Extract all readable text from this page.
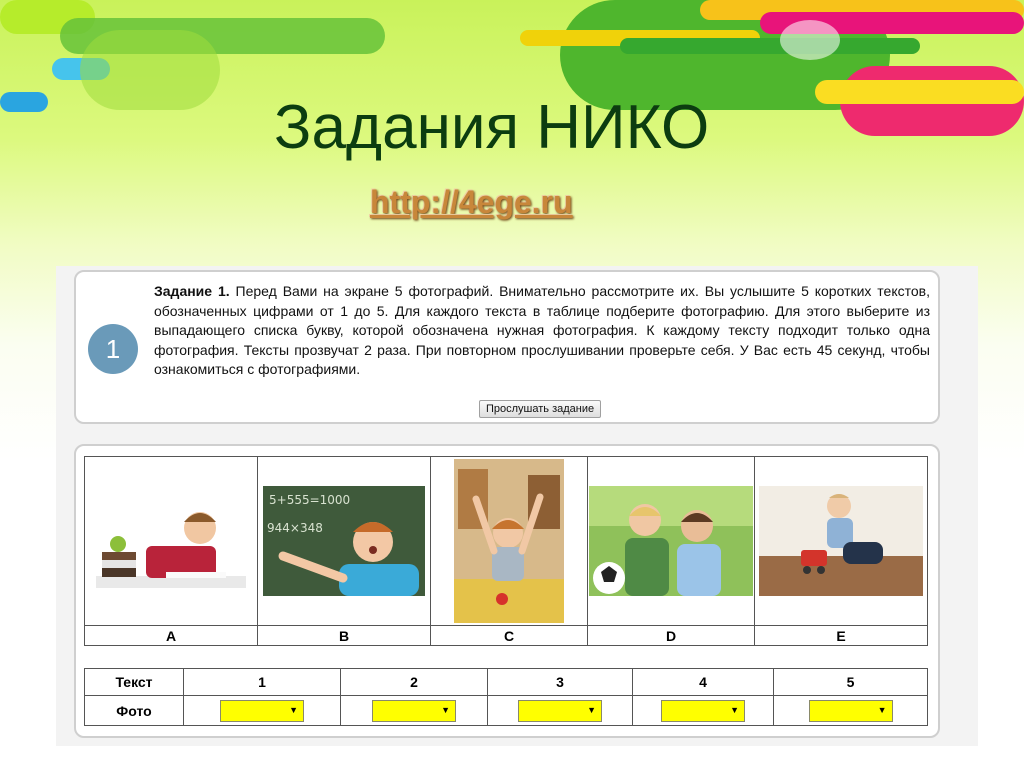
Задания НИКО
http://4ege.ru
1
Задание 1. Перед Вами на экране 5 фотографий. Внимательно рассмотрите их. Вы услышите 5 коротких текстов, обозначенных цифрами от 1 до 5. Для каждого текста в таблице подберите фотографию. Для этого выберите из выпадающего списка букву, которой обозначена нужная фотография. К каждому тексту подходит только одна фотография. Тексты прозвучат 2 раза. При повторном прослушивании проверьте себя. У Вас есть 45 секунд, чтобы ознакомиться с фотографиями.
Прослушать задание

5+555=1000
944×348

A	B	C	D	E
Текст	1	2	3	4	5
Фото	▼	▼	▼	▼	▼
